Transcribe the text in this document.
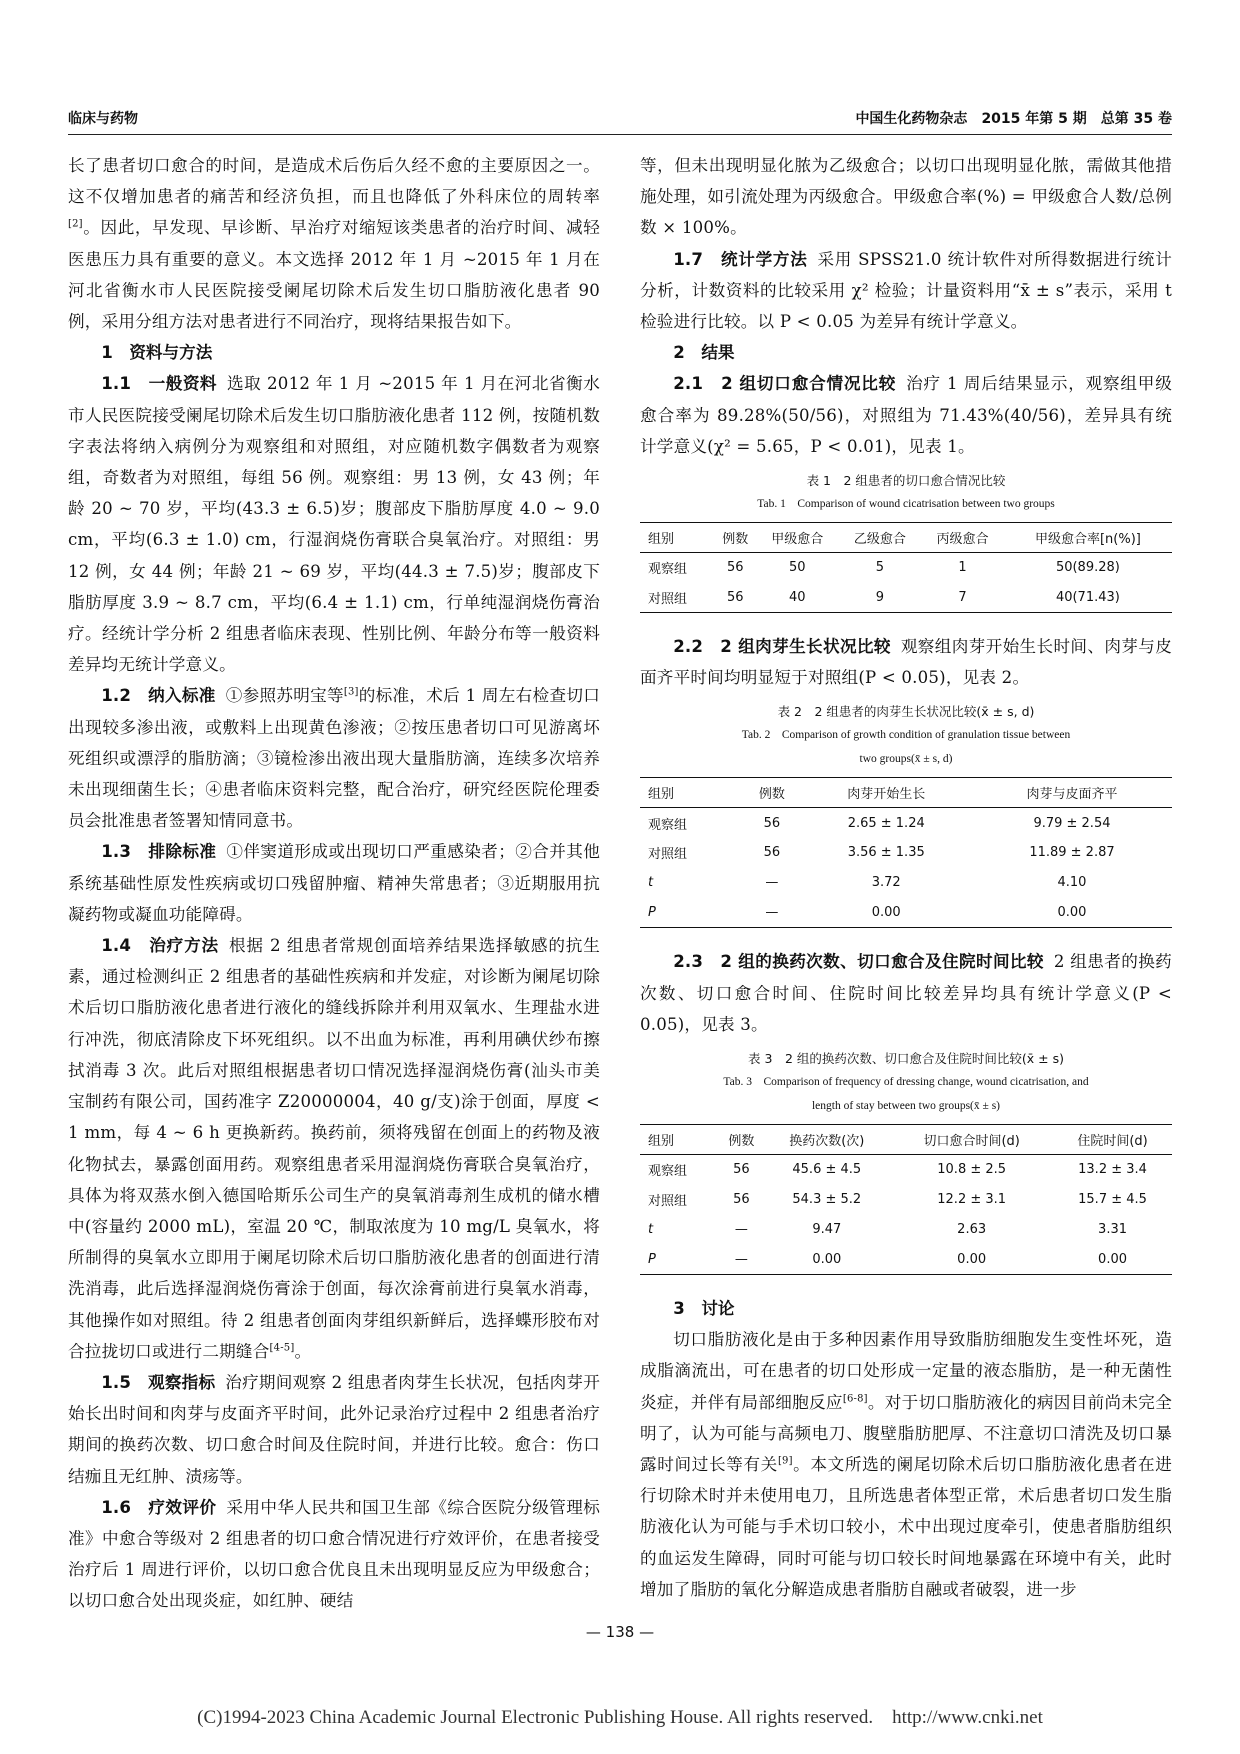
临床与药物	中国生化药物杂志 2015 年第 5 期 总第 35 卷

长了患者切口愈合的时间，是造成术后伤后久经不愈的主要原因之一。这不仅增加患者的痛苦和经济负担，而且也降低了外科床位的周转率[2]。因此，早发现、早诊断、早治疗对缩短该类患者的治疗时间、减轻医患压力具有重要的意义。本文选择 2012 年 1 月 ~2015 年 1 月在河北省衡水市人民医院接受阑尾切除术后发生切口脂肪液化患者 90 例，采用分组方法对患者进行不同治疗，现将结果报告如下。

1　资料与方法

1.1　一般资料 选取 2012 年 1 月 ~2015 年 1 月在河北省衡水市人民医院接受阑尾切除术后发生切口脂肪液化患者 112 例，按随机数字表法将纳入病例分为观察组和对照组，对应随机数字偶数者为观察组，奇数者为对照组，每组 56 例。观察组：男 13 例，女 43 例；年龄 20 ~ 70 岁，平均(43.3 ± 6.5)岁；腹部皮下脂肪厚度 4.0 ~ 9.0 cm，平均(6.3 ± 1.0) cm，行湿润烧伤膏联合臭氧治疗。对照组：男 12 例，女 44 例；年龄 21 ~ 69 岁，平均(44.3 ± 7.5)岁；腹部皮下脂肪厚度 3.9 ~ 8.7 cm，平均(6.4 ± 1.1) cm，行单纯湿润烧伤膏治疗。经统计学分析 2 组患者临床表现、性别比例、年龄分布等一般资料差异均无统计学意义。

1.2　纳入标准 ①参照苏明宝等[3]的标准，术后 1 周左右检查切口出现较多渗出液，或敷料上出现黄色渗液；②按压患者切口可见游离坏死组织或漂浮的脂肪滴；③镜检渗出液出现大量脂肪滴，连续多次培养未出现细菌生长；④患者临床资料完整，配合治疗，研究经医院伦理委员会批准患者签署知情同意书。

1.3　排除标准 ①伴窦道形成或出现切口严重感染者；②合并其他系统基础性原发性疾病或切口残留肿瘤、精神失常患者；③近期服用抗凝药物或凝血功能障碍。

1.4　治疗方法 根据 2 组患者常规创面培养结果选择敏感的抗生素，通过检测纠正 2 组患者的基础性疾病和并发症，对诊断为阑尾切除术后切口脂肪液化患者进行液化的缝线拆除并利用双氧水、生理盐水进行冲洗，彻底清除皮下坏死组织。以不出血为标准，再利用碘伏纱布擦拭消毒 3 次。此后对照组根据患者切口情况选择湿润烧伤膏(汕头市美宝制药有限公司，国药准字 Z20000004，40 g/支)涂于创面，厚度 < 1 mm，每 4 ~ 6 h 更换新药。换药前，须将残留在创面上的药物及液化物拭去，暴露创面用药。观察组患者采用湿润烧伤膏联合臭氧治疗，具体为将双蒸水倒入德国哈斯乐公司生产的臭氧消毒剂生成机的储水槽中(容量约 2000 mL)，室温 20 ℃，制取浓度为 10 mg/L 臭氧水，将所制得的臭氧水立即用于阑尾切除术后切口脂肪液化患者的创面进行清洗消毒，此后选择湿润烧伤膏涂于创面，每次涂膏前进行臭氧水消毒，其他操作如对照组。待 2 组患者创面肉芽组织新鲜后，选择蝶形胶布对合拉拢切口或进行二期缝合[4-5]。

1.5　观察指标 治疗期间观察 2 组患者肉芽生长状况，包括肉芽开始长出时间和肉芽与皮面齐平时间，此外记录治疗过程中 2 组患者治疗期间的换药次数、切口愈合时间及住院时间，并进行比较。愈合：伤口结痂且无红肿、渍疡等。

1.6　疗效评价 采用中华人民共和国卫生部《综合医院分级管理标准》中愈合等级对 2 组患者的切口愈合情况进行疗效评价，在患者接受治疗后 1 周进行评价，以切口愈合优良且未出现明显反应为甲级愈合；以切口愈合处出现炎症，如红肿、硬结

等，但未出现明显化脓为乙级愈合；以切口出现明显化脓，需做其他措施处理，如引流处理为丙级愈合。甲级愈合率(%) = 甲级愈合人数/总例数 × 100%。

1.7　统计学方法 采用 SPSS21.0 统计软件对所得数据进行统计分析，计数资料的比较采用 χ² 检验；计量资料用“x̄ ± s”表示，采用 t 检验进行比较。以 P < 0.05 为差异有统计学意义。

2　结果

2.1　2 组切口愈合情况比较 治疗 1 周后结果显示，观察组甲级愈合率为 89.28%(50/56)，对照组为 71.43%(40/56)，差异具有统计学意义(χ² = 5.65，P < 0.01)，见表 1。

表 1　2 组患者的切口愈合情况比较
Tab. 1　Comparison of wound cicatrisation between two groups
组别	例数	甲级愈合	乙级愈合	丙级愈合	甲级愈合率[n(%)]
观察组	56	50	5	1	50(89.28)
对照组	56	40	9	7	40(71.43)

2.2　2 组肉芽生长状况比较 观察组肉芽开始生长时间、肉芽与皮面齐平时间均明显短于对照组(P < 0.05)，见表 2。

表 2　2 组患者的肉芽生长状况比较(x̄ ± s, d)
Tab. 2　Comparison of growth condition of granulation tissue between
two groups(x̄ ± s, d)
组别	例数	肉芽开始生长	肉芽与皮面齐平
观察组	56	2.65 ± 1.24	9.79 ± 2.54
对照组	56	3.56 ± 1.35	11.89 ± 2.87
t	—	3.72	4.10
P	—	0.00	0.00

2.3　2 组的换药次数、切口愈合及住院时间比较 2 组患者的换药次数、切口愈合时间、住院时间比较差异均具有统计学意义(P < 0.05)，见表 3。

表 3　2 组的换药次数、切口愈合及住院时间比较(x̄ ± s)
Tab. 3　Comparison of frequency of dressing change, wound cicatrisation, and
length of stay between two groups(x̄ ± s)
组别	例数	换药次数(次)	切口愈合时间(d)	住院时间(d)
观察组	56	45.6 ± 4.5	10.8 ± 2.5	13.2 ± 3.4
对照组	56	54.3 ± 5.2	12.2 ± 3.1	15.7 ± 4.5
t	—	9.47	2.63	3.31
P	—	0.00	0.00	0.00
3　讨论

切口脂肪液化是由于多种因素作用导致脂肪细胞发生变性坏死，造成脂滴流出，可在患者的切口处形成一定量的液态脂肪，是一种无菌性炎症，并伴有局部细胞反应[6-8]。对于切口脂肪液化的病因目前尚未完全明了，认为可能与高频电刀、腹壁脂肪肥厚、不注意切口清洗及切口暴露时间过长等有关[9]。本文所选的阑尾切除术后切口脂肪液化患者在进行切除术时并未使用电刀，且所选患者体型正常，术后患者切口发生脂肪液化认为可能与手术切口较小，术中出现过度牵引，使患者脂肪组织的血运发生障碍，同时可能与切口较长时间地暴露在环境中有关，此时增加了脂肪的氧化分解造成患者脂肪自融或者破裂，进一步

— 138 —
(C)1994-2023 China Academic Journal Electronic Publishing House. All rights reserved.　http://www.cnki.net
